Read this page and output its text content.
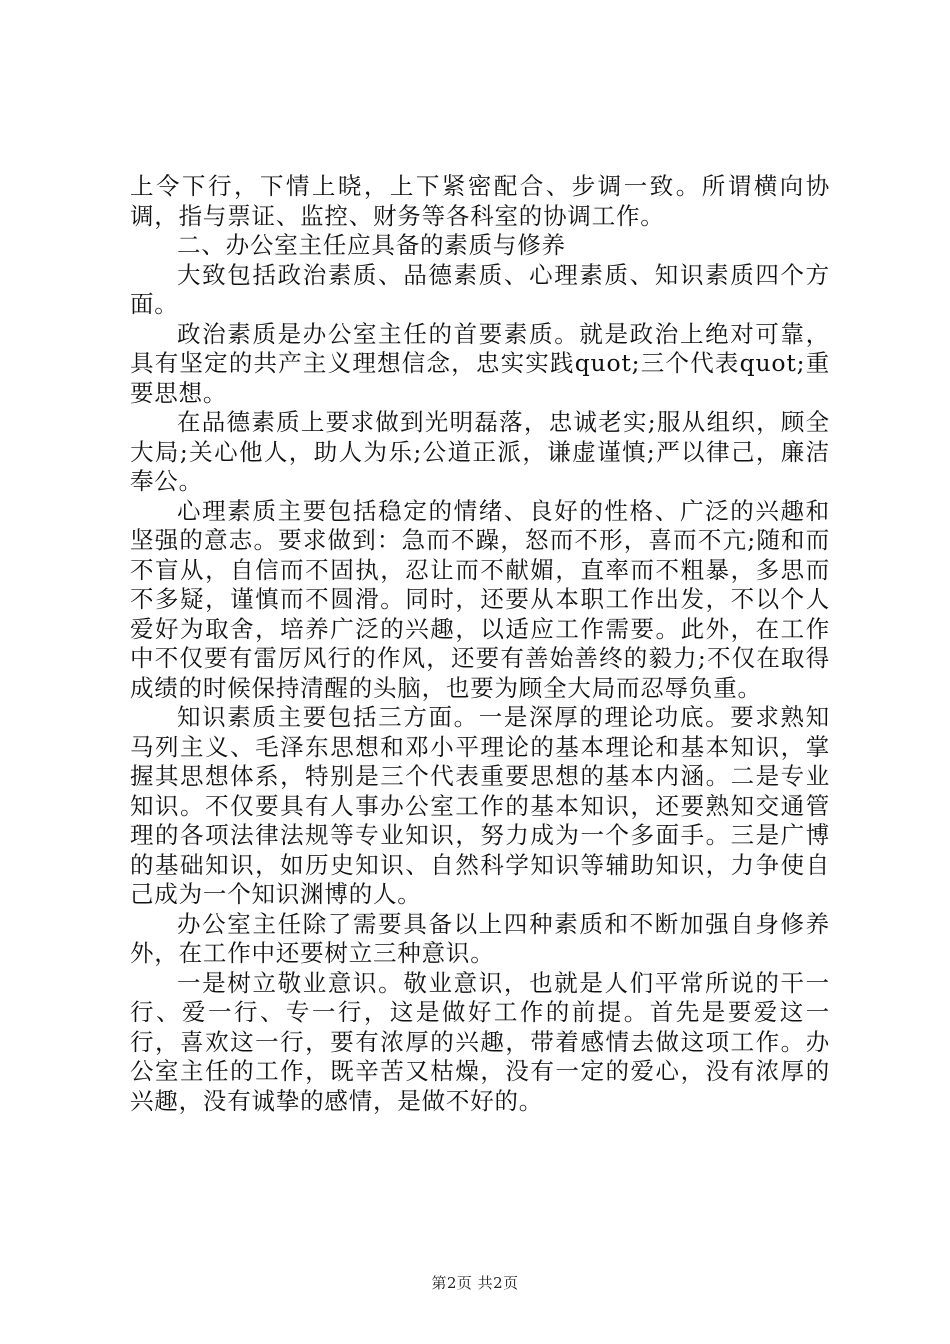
上令下行，下情上晓，上下紧密配合、步调一致。所谓横向协调，指与票证、监控、财务等各科室的协调工作。

二、办公室主任应具备的素质与修养

大致包括政治素质、品德素质、心理素质、知识素质四个方面。

政治素质是办公室主任的首要素质。就是政治上绝对可靠，具有坚定的共产主义理想信念，忠实实践quot;三个代表quot;重要思想。

在品德素质上要求做到光明磊落，忠诚老实;服从组织，顾全大局;关心他人，助人为乐;公道正派，谦虚谨慎;严以律己，廉洁奉公。

心理素质主要包括稳定的情绪、良好的性格、广泛的兴趣和坚强的意志。要求做到：急而不躁，怒而不形，喜而不亢;随和而不盲从，自信而不固执，忍让而不献媚，直率而不粗暴，多思而不多疑，谨慎而不圆滑。同时，还要从本职工作出发，不以个人爱好为取舍，培养广泛的兴趣，以适应工作需要。此外，在工作中不仅要有雷厉风行的作风，还要有善始善终的毅力;不仅在取得成绩的时候保持清醒的头脑，也要为顾全大局而忍辱负重。

知识素质主要包括三方面。一是深厚的理论功底。要求熟知马列主义、毛泽东思想和邓小平理论的基本理论和基本知识，掌握其思想体系，特别是三个代表重要思想的基本内涵。二是专业知识。不仅要具有人事办公室工作的基本知识，还要熟知交通管理的各项法律法规等专业知识，努力成为一个多面手。三是广博的基础知识，如历史知识、自然科学知识等辅助知识，力争使自己成为一个知识渊博的人。

办公室主任除了需要具备以上四种素质和不断加强自身修养外，在工作中还要树立三种意识。

一是树立敬业意识。敬业意识，也就是人们平常所说的干一行、爱一行、专一行，这是做好工作的前提。首先是要爱这一行，喜欢这一行，要有浓厚的兴趣，带着感情去做这项工作。办公室主任的工作，既辛苦又枯燥，没有一定的爱心，没有浓厚的兴趣，没有诚挚的感情，是做不好的。

第2页 共2页
